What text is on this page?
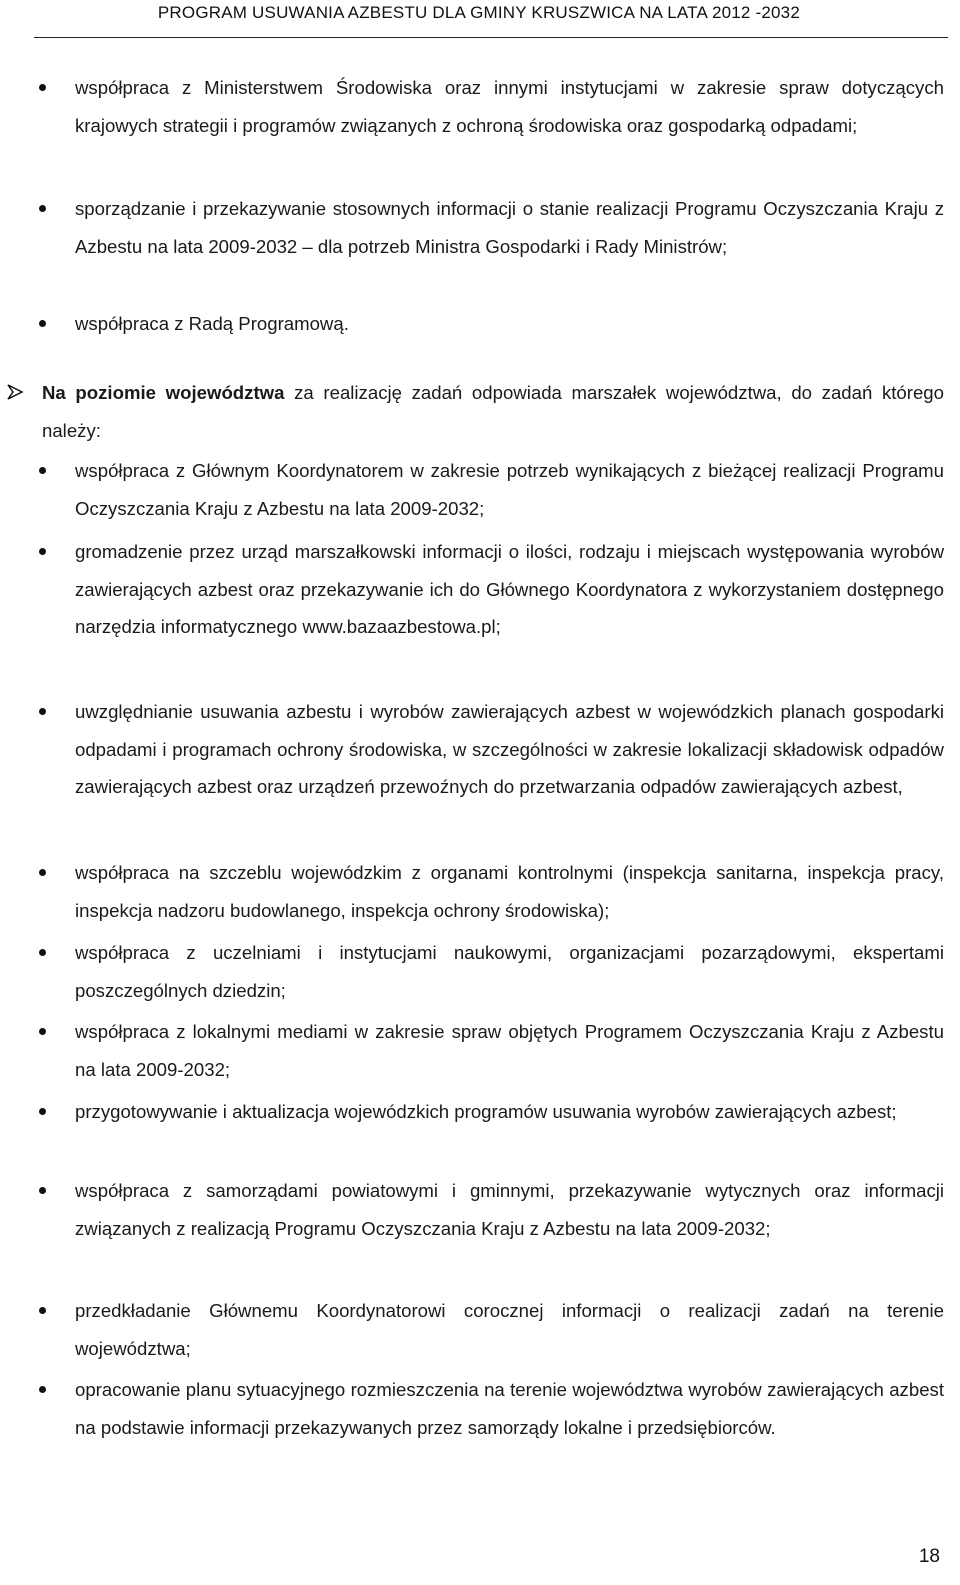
PROGRAM USUWANIA AZBESTU DLA GMINY KRUSZWICA NA LATA 2012 -2032
współpraca z Ministerstwem Środowiska oraz innymi instytucjami w zakresie spraw dotyczących krajowych strategii i programów związanych z ochroną środowiska oraz gospodarką odpadami;
sporządzanie i przekazywanie stosownych informacji o stanie realizacji Programu Oczyszczania Kraju z Azbestu na lata 2009-2032 – dla potrzeb Ministra Gospodarki i Rady Ministrów;
współpraca z Radą Programową.
Na poziomie województwa za realizację zadań odpowiada marszałek województwa, do zadań którego należy:
współpraca z Głównym Koordynatorem w zakresie potrzeb wynikających z bieżącej realizacji Programu Oczyszczania Kraju z Azbestu na lata 2009-2032;
gromadzenie przez urząd marszałkowski informacji o ilości, rodzaju i miejscach występowania wyrobów zawierających azbest oraz przekazywanie ich do Głównego Koordynatora z wykorzystaniem dostępnego narzędzia informatycznego www.bazaazbestowa.pl;
uwzględnianie usuwania azbestu i wyrobów zawierających azbest w wojewódzkich planach gospodarki odpadami i programach ochrony środowiska, w szczególności w zakresie lokalizacji składowisk odpadów zawierających azbest oraz urządzeń przewoźnych do przetwarzania odpadów zawierających azbest,
współpraca na szczeblu wojewódzkim z organami kontrolnymi (inspekcja sanitarna, inspekcja pracy, inspekcja nadzoru budowlanego, inspekcja ochrony środowiska);
współpraca z uczelniami i instytucjami naukowymi, organizacjami pozarządowymi, ekspertami poszczególnych dziedzin;
współpraca z lokalnymi mediami w zakresie spraw objętych Programem Oczyszczania Kraju z Azbestu na lata 2009-2032;
przygotowywanie i aktualizacja wojewódzkich programów usuwania wyrobów zawierających azbest;
współpraca z samorządami powiatowymi i gminnymi, przekazywanie wytycznych oraz informacji związanych z realizacją Programu Oczyszczania Kraju z Azbestu na lata 2009-2032;
przedkładanie Głównemu Koordynatorowi corocznej informacji o realizacji zadań na terenie województwa;
opracowanie planu sytuacyjnego rozmieszczenia na terenie województwa wyrobów zawierających azbest na podstawie informacji przekazywanych przez samorządy lokalne i przedsiębiorców.
18
